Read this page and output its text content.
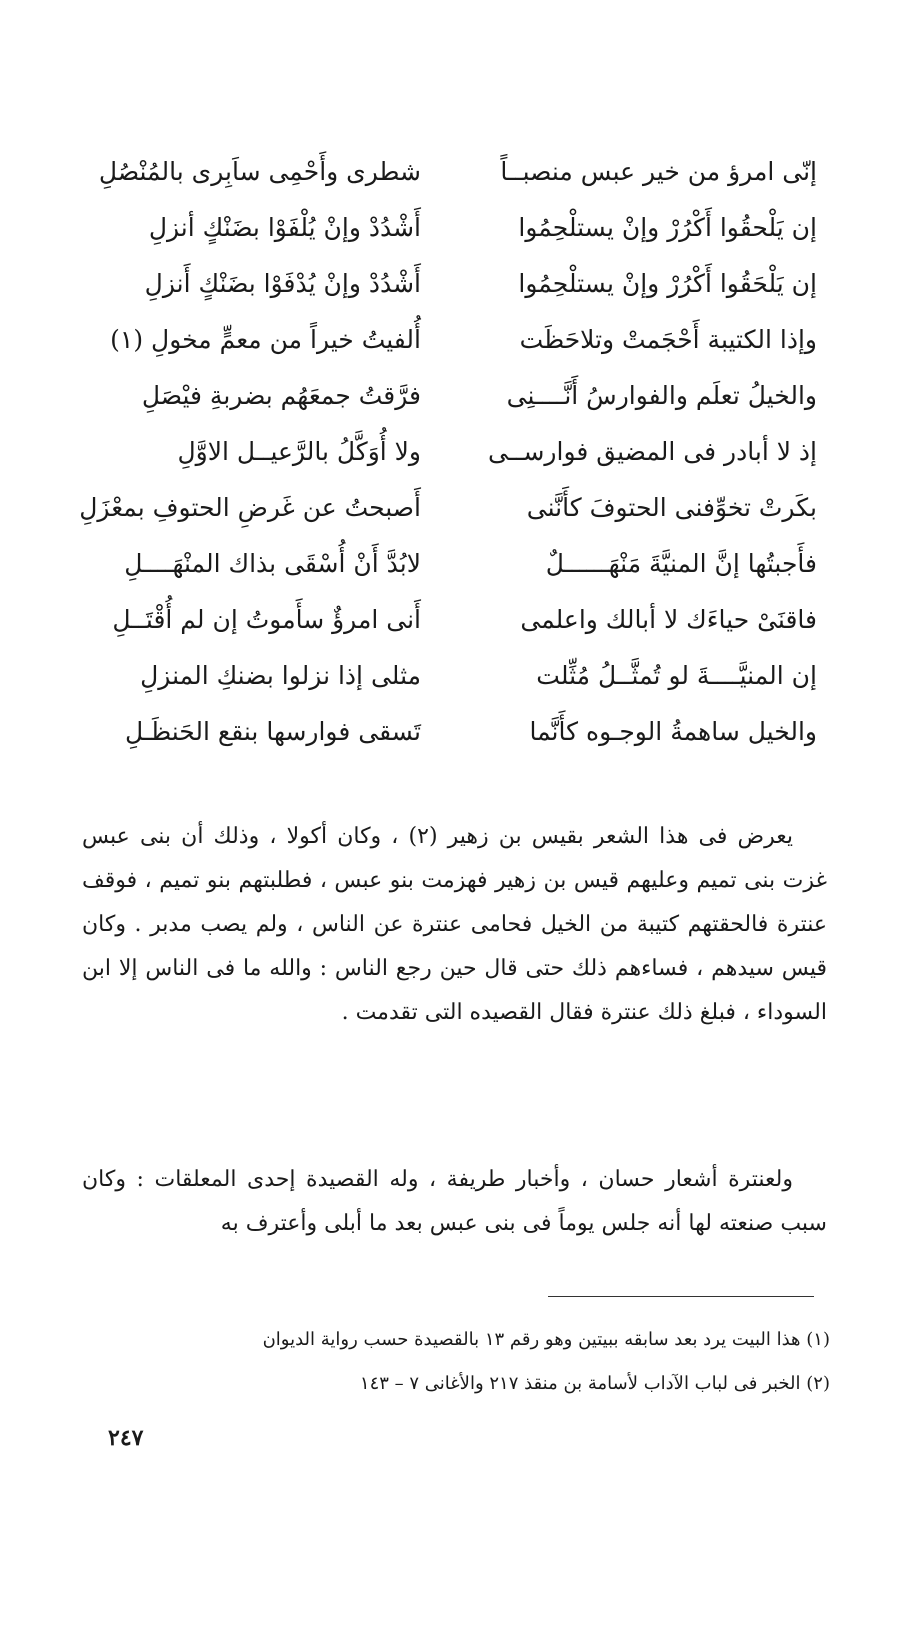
إنّى امرؤ من خير عبس منصبــاً
شطرى وأَحْمِى ساَبِرى بالمُنْصُلِ
إن يَلْحقُوا أَكْرُرْ وإنْ يستلْحِمُوا
أَشْدُدْ وإنْ يُلْفَوْا بضَنْكٍ أنزلِ
إن يَلْحَقُوا أَكْرُرْ وإنْ يستلْحِمُوا
أَشْدُدْ وإنْ يُدْفَوْا بضَنْكٍ أَنزلِ
وإذا الكتيبة أَحْجَمتْ وتلاحَظَت
أُلفيتُ خيراً من معمٍّ مخولِ (١)
والخيلُ تعلَم والفوارسُ أَنَّــــنِى
فرَّقتُ جمعَهُم بضربةِ فيْصَلِ
إذ لا أبادر فى المضيق فوارســى
ولا أُوَكَّلُ بالرَّعيــل الاوَّلِ
بكَرتْ تخوِّفنى الحتوفَ كأَنَّنى
أَصبحتُ عن غَرضِ الحتوفِ بمعْزَلِ
فأَجبتُها إنَّ المنيَّةَ مَنْهَــــــلٌ
لابُدَّ أَنْ أُسْقَى بذاك المنْهَــــلِ
فاقنَىْ حياءَك لا أبالك واعلمى
أَنى امرؤٌ سأَموتُ إن لم أُقْتَــلِ
إن المنيَّــــةَ لو تُمثَّــلُ مُثِّلت
مثلى إذا نزلوا بضنكِ المنزلِ
والخيل ساهمةُ الوجـوه كأَنَّما
تَسقى فوارسها بنقع الحَنظَـلِ

يعرض فى هذا الشعر بقيس بن زهير (٢) ، وكان أكولا ، وذلك أن بنى عبس غزت بنى تميم وعليهم قيس بن زهير فهزمت بنو عبس ، فطلبتهم بنو تميم ، فوقف عنترة فالحقتهم كتيبة من الخيل فحامى عنترة عن الناس ، ولم يصب مدبر . وكان قيس سيدهم ، فساءهم ذلك حتى قال حين رجع الناس : والله ما فى الناس إلا ابن السوداء ، فبلغ ذلك عنترة فقال القصيده التى تقدمت .

ولعنترة أشعار حسان ، وأخبار طريفة ، وله القصيدة إحدى المعلقات : وكان سبب صنعته لها أنه جلس يوماً فى بنى عبس بعد ما أبلى وأعترف به

(١) هذا البيت يرد بعد سابقه ببيتين وهو رقم ١٣ بالقصيدة حسب رواية الديوان
(٢) الخبر فى لباب الآداب لأسامة بن منقذ ٢١٧ والأغانى ٧ – ١٤٣
٢٤٧
